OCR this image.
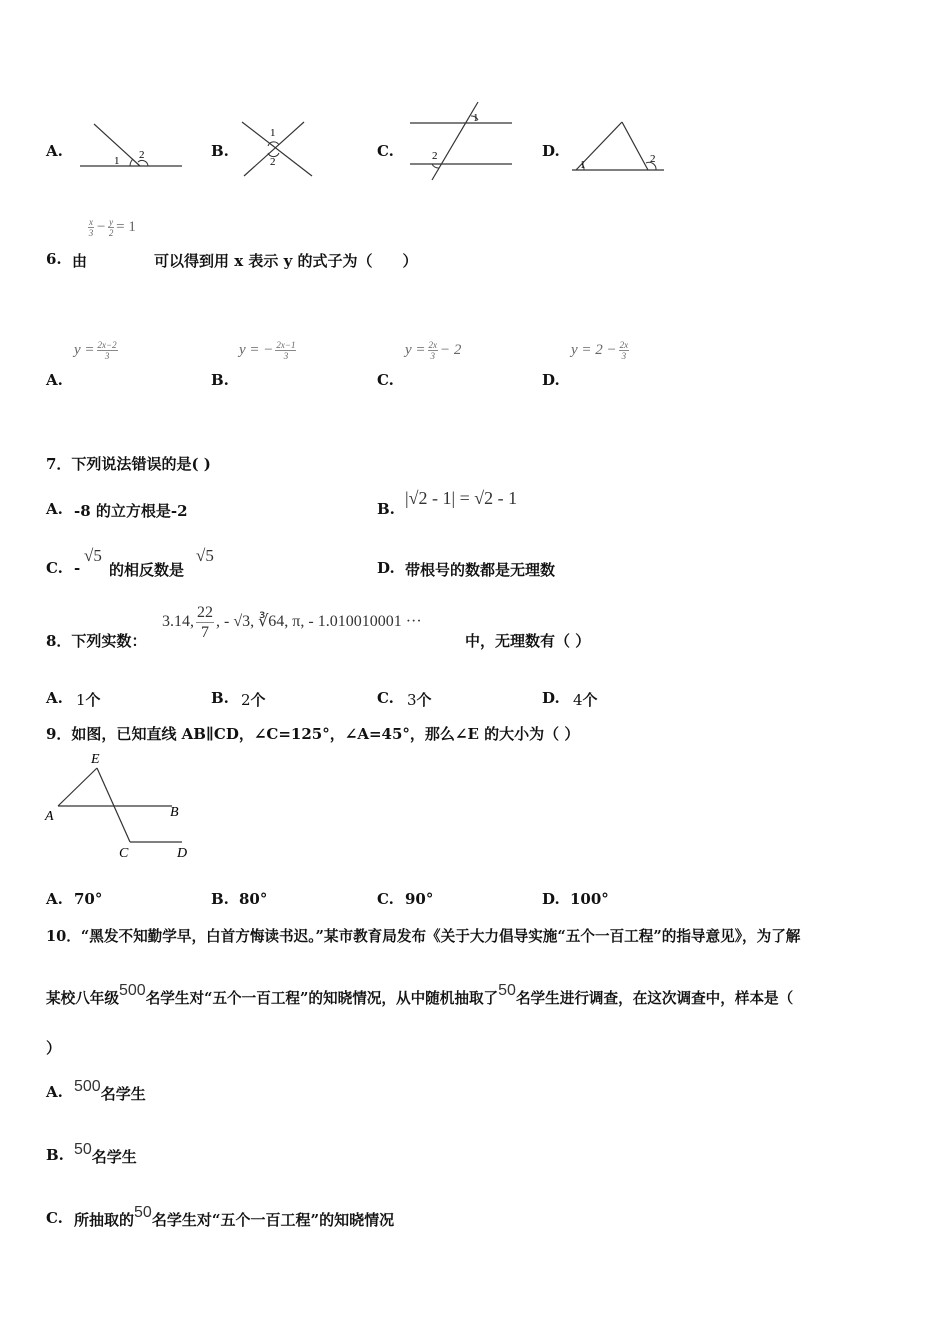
A.
1 2	B.
1
2
C.
1
2	D.
1	2
$\frac{x}{3} - \frac{y}{2} = 1$
6. 由	可以得到用 x 表示 y 的式子为（　　）
A.
$y = \frac{2x-2}{3}$
B.
y = − $\frac{2x-1}{3}$
C.
$y = \frac{2x}{3} - 2$
D.
$y = 2 - \frac{2x}{3}$
7．下列说法错误的是( )
A. -8 的立方根是-2	B.
|√2 - 1| = √2 - 1
C. -
√5
的相反数是
√5
D. 带根号的数都是无理数
8．下列实数：
3.14, $\frac{22}{7}$ , - √3, ∛64, π, - 1.010010001 ···
中，无理数有（ ）
A. 1个	B. 2个	C. 3个	D. 4个
9．如图，已知直线 AB∥CD，∠C=125°，∠A=45°，那么∠E 的大小为（ ）
E
A	B
C	D
A. 70°	B. 80°	C. 90°	D. 100°
10．“黑发不知勤学早，白首方悔读书迟。”某市教育局发布《关于大力倡导实施“五个一百工程”的指导意见》，为了解
某校八年级500名学生对“五个一百工程”的知晓情况，从中随机抽取了50名学生进行调查，在这次调查中，样本是（
）
A. 500名学生
B. 50名学生
C. 所抽取的50名学生对“五个一百工程”的知晓情况
